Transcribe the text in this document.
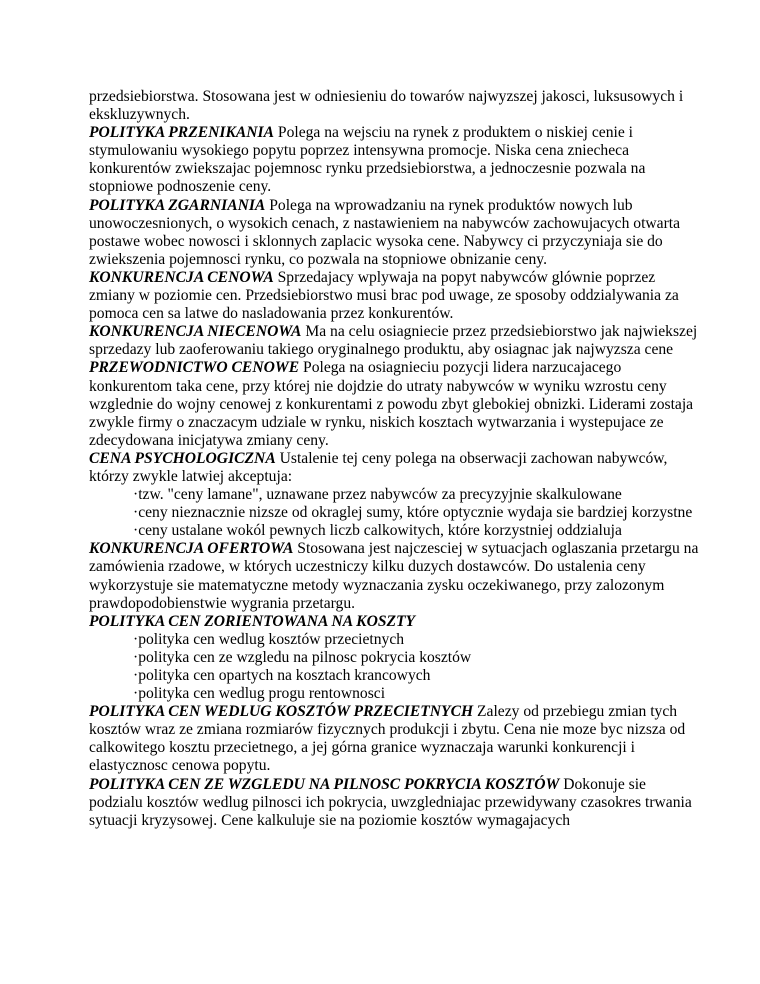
przedsiebiorstwa. Stosowana jest w odniesieniu do towarów najwyzszej jakosci, luksusowych i ekskluzywnych.

POLITYKA PRZENIKANIA Polega na wejsciu na rynek z produktem o niskiej cenie i stymulowaniu wysokiego popytu poprzez intensywna promocje. Niska cena zniecheca konkurentów zwiekszajac pojemnosc rynku przedsiebiorstwa, a jednoczesnie pozwala na stopniowe podnoszenie ceny.

POLITYKA ZGARNIANIA Polega na wprowadzaniu na rynek produktów nowych lub unowoczesnionych, o wysokich cenach, z nastawieniem na nabywców zachowujacych otwarta postawe wobec nowosci i sklonnych zaplacic wysoka cene. Nabywcy ci przyczyniaja sie do zwiekszenia pojemnosci rynku, co pozwala na stopniowe obnizanie ceny.

KONKURENCJA CENOWA Sprzedajacy wplywaja na popyt nabywców glównie poprzez zmiany w poziomie cen. Przedsiebiorstwo musi brac pod uwage, ze sposoby oddzialywania za pomoca cen sa latwe do nasladowania przez konkurentów.

KONKURENCJA NIECENOWA Ma na celu osiagniecie przez przedsiebiorstwo jak najwiekszej sprzedazy lub zaoferowaniu takiego oryginalnego produktu, aby osiagnac jak najwyzsza cene

PRZEWODNICTWO CENOWE Polega na osiagnieciu pozycji lidera narzucajacego konkurentom taka cene, przy której nie dojdzie do utraty nabywców w wyniku wzrostu ceny wzglednie do wojny cenowej z konkurentami z powodu zbyt glebokiej obnizki. Liderami zostaja zwykle firmy o znaczacym udziale w rynku, niskich kosztach wytwarzania i wystepujace ze zdecydowana inicjatywa zmiany ceny.

CENA PSYCHOLOGICZNA Ustalenie tej ceny polega na obserwacji zachowan nabywców, którzy zwykle latwiej akceptuja:

·tzw. "ceny lamane", uznawane przez nabywców za precyzyjnie skalkulowane
·ceny nieznacznie nizsze od okraglej sumy, które optycznie wydaja sie bardziej korzystne
·ceny ustalane wokól pewnych liczb calkowitych, które korzystniej oddzialuja

KONKURENCJA OFERTOWA Stosowana jest najczesciej w sytuacjach oglaszania przetargu na zamówienia rzadowe, w których uczestniczy kilku duzych dostawców. Do ustalenia ceny wykorzystuje sie matematyczne metody wyznaczania zysku oczekiwanego, przy zalozonym prawdopodobienstwie wygrania przetargu.

POLITYKA CEN ZORIENTOWANA NA KOSZTY

·polityka cen wedlug kosztów przecietnych
·polityka cen ze wzgledu na pilnosc pokrycia kosztów
·polityka cen opartych na kosztach krancowych
·polityka cen wedlug progu rentownosci

POLITYKA CEN WEDLUG KOSZTÓW PRZECIETNYCH Zalezy od przebiegu zmian tych kosztów wraz ze zmiana rozmiarów fizycznych produkcji i zbytu. Cena nie moze byc nizsza od calkowitego kosztu przecietnego, a jej górna granice wyznaczaja warunki konkurencji i elastycznosc cenowa popytu.

POLITYKA CEN ZE WZGLEDU NA PILNOSC POKRYCIA KOSZTÓW Dokonuje sie podzialu kosztów wedlug pilnosci ich pokrycia, uwzgledniajac przewidywany czasokres trwania sytuacji kryzysowej. Cene kalkuluje sie na poziomie kosztów wymagajacych
